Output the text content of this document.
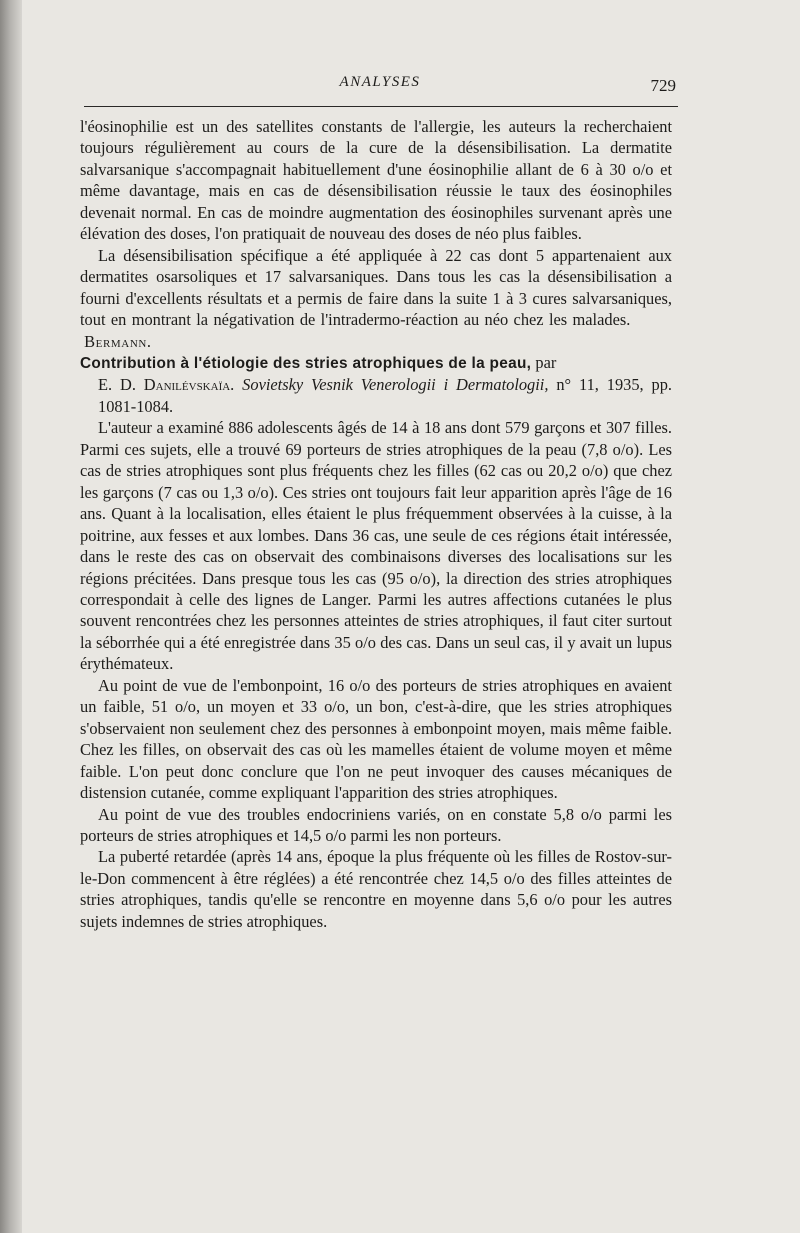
ANALYSES	729

l'éosinophilie est un des satellites constants de l'allergie, les auteurs la recherchaient toujours régulièrement au cours de la cure de la désensibilisation. La dermatite salvarsanique s'accompagnait habituellement d'une éosinophilie allant de 6 à 30 o/o et même davantage, mais en cas de désensibilisation réussie le taux des éosinophiles devenait normal. En cas de moindre augmentation des éosinophiles survenant après une élévation des doses, l'on pratiquait de nouveau des doses de néo plus faibles.

La désensibilisation spécifique a été appliquée à 22 cas dont 5 appartenaient aux dermatites osarsoliques et 17 salvarsaniques. Dans tous les cas la désensibilisation a fourni d'excellents résultats et a permis de faire dans la suite 1 à 3 cures salvarsaniques, tout en montrant la négativation de l'intradermo-réaction au néo chez les malades.          Bermann.

Contribution à l'étiologie des stries atrophiques de la peau, par

E. D. Danilévskaïa. Sovietsky Vesnik Venerologii i Dermatologii, n° 11, 1935, pp. 1081-1084.

L'auteur a examiné 886 adolescents âgés de 14 à 18 ans dont 579 garçons et 307 filles. Parmi ces sujets, elle a trouvé 69 porteurs de stries atrophiques de la peau (7,8 o/o). Les cas de stries atrophiques sont plus fréquents chez les filles (62 cas ou 20,2 o/o) que chez les garçons (7 cas ou 1,3 o/o). Ces stries ont toujours fait leur apparition après l'âge de 16 ans. Quant à la localisation, elles étaient le plus fréquemment observées à la cuisse, à la poitrine, aux fesses et aux lombes. Dans 36 cas, une seule de ces régions était intéressée, dans le reste des cas on observait des combinaisons diverses des localisations sur les régions précitées. Dans presque tous les cas (95 o/o), la direction des stries atrophiques correspondait à celle des lignes de Langer. Parmi les autres affections cutanées le plus souvent rencontrées chez les personnes atteintes de stries atrophiques, il faut citer surtout la séborrhée qui a été enregistrée dans 35 o/o des cas. Dans un seul cas, il y avait un lupus érythémateux.

Au point de vue de l'embonpoint, 16 o/o des porteurs de stries atrophiques en avaient un faible, 51 o/o, un moyen et 33 o/o, un bon, c'est-à-dire, que les stries atrophiques s'observaient non seulement chez des personnes à embonpoint moyen, mais même faible. Chez les filles, on observait des cas où les mamelles étaient de volume moyen et même faible. L'on peut donc conclure que l'on ne peut invoquer des causes mécaniques de distension cutanée, comme expliquant l'apparition des stries atrophiques.

Au point de vue des troubles endocriniens variés, on en constate 5,8 o/o parmi les porteurs de stries atrophiques et 14,5 o/o parmi les non porteurs.

La puberté retardée (après 14 ans, époque la plus fréquente où les filles de Rostov-sur-le-Don commencent à être réglées) a été rencontrée chez 14,5 o/o des filles atteintes de stries atrophiques, tandis qu'elle se rencontre en moyenne dans 5,6 o/o pour les autres sujets indemnes de stries atrophiques.
